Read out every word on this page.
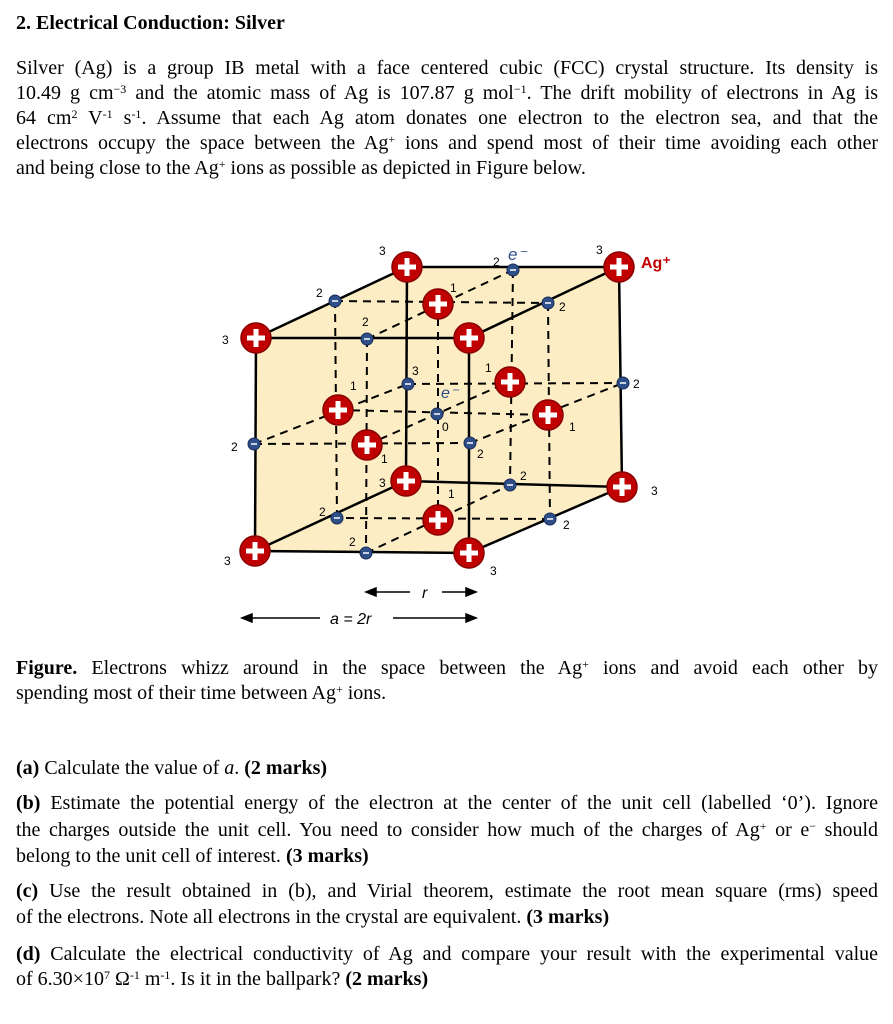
2. Electrical Conduction: Silver
Silver (Ag) is a group IB metal with a face centered cubic (FCC) crystal structure. Its density is
10.49 g $cm^{-3}$ and the atomic mass of Ag is 107.87 g mol$^{-1}$. The drift mobility of electrons in Ag is
64 $cm^2$ $V^{-1}$ $s^{-1}$. Assume that each Ag atom donates one electron to the electron sea, and that the
electrons occupy the space between the Ag+ ions and spend most of their time avoiding each other
and being close to the Ag+ ions as possible as depicted in Figure below.
3
2
3
2	1
2
3
2
1
3
1	2
0	1
2
1	2
2
3
1	3
2
2
2
3
3
e⁻
e⁻
Ag⁺
r
a = 2r
Figure. Electrons whizz around in the space between the Ag+ ions and avoid each other by
spending most of their time between Ag+ ions.
(a) Calculate the value of a. (2 marks)
(b) Estimate the potential energy of the electron at the center of the unit cell (labelled ‘0’). Ignore
the charges outside the unit cell. You need to consider how much of the charges of Ag+ or e− should
belong to the unit cell of interest. (3 marks)
(c) Use the result obtained in (b), and Virial theorem, estimate the root mean square (rms) speed
of the electrons. Note all electrons in the crystal are equivalent. (3 marks)
(d) Calculate the electrical conductivity of Ag and compare your result with the experimental value
of $6.30\times 10^7$ $\Omega^{-1}$ $m^{-1}$. Is it in the ballpark? (2 marks)
